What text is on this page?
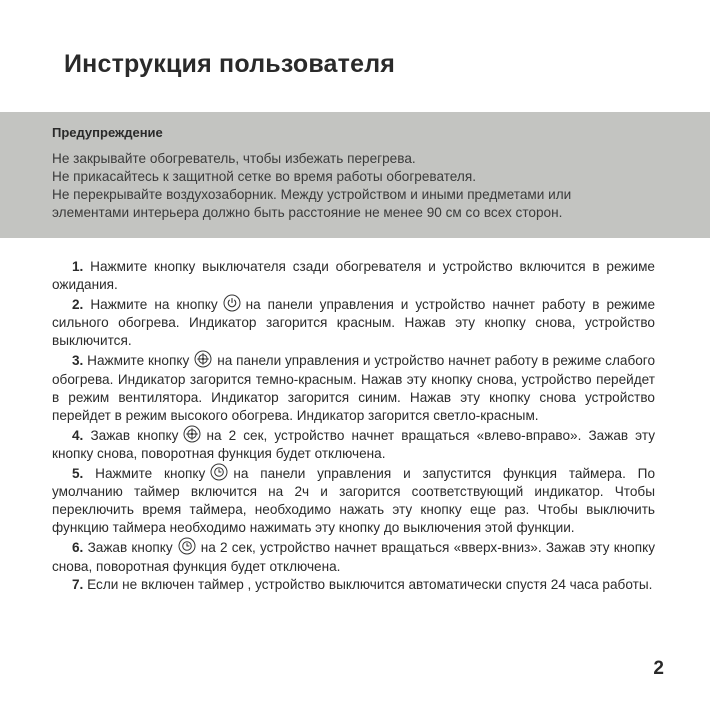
Инструкция пользователя
Предупреждение
Не закрывайте обогреватель, чтобы избежать перегрева.
Не прикасайтесь к защитной сетке во время работы обогревателя.
Не перекрывайте воздухозаборник. Между устройством и иными предметами или
элементами интерьера должно быть расстояние не менее 90 см со всех сторон.

1. Нажмите кнопку выключателя сзади обогревателя и устройство включится в режиме ожидания.

2. Нажмите на кнопку на панели управления и устройство начнет работу в режиме сильного обогрева. Индикатор загорится красным. Нажав эту кнопку снова, устройство выключится.

3. Нажмите кнопку на панели управления и устройство начнет работу в режиме слабого обогрева. Индикатор загорится темно-красным. Нажав эту кнопку снова, устройство перейдет в режим вентилятора. Индикатор загорится синим. Нажав эту кнопку снова устройство перейдет в режим высокого обогрева. Индикатор загорится светло-красным.

4. Зажав кнопку на 2 сек, устройство начнет вращаться «влево-вправо». Зажав эту кнопку снова, поворотная функция будет отключена.

5. Нажмите кнопку на панели управления и запустится функция таймера. По умолчанию таймер включится на 2ч и загорится соответствующий индикатор. Чтобы переключить время таймера, необходимо нажать эту кнопку еще раз. Чтобы выключить функцию таймера необходимо нажимать эту кнопку до выключения этой функции.

6. Зажав кнопку на 2 сек, устройство начнет вращаться «вверх-вниз». Зажав эту кнопку снова, поворотная функция будет отключена.

7. Если не включен таймер , устройство выключится автоматически спустя 24 часа работы.

2
